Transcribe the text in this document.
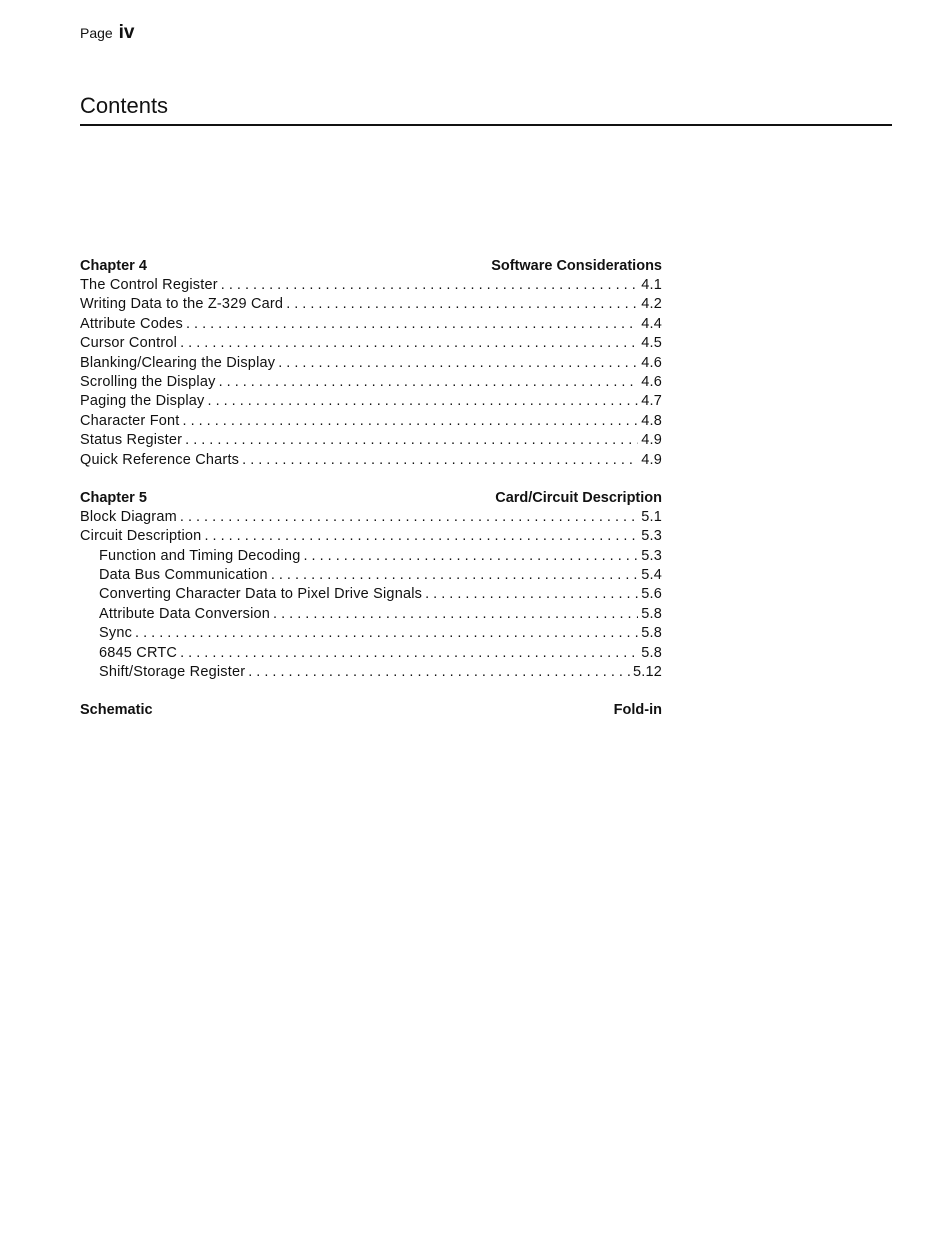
Page iv
Contents
Chapter 4	Software Considerations
The Control Register . . .	4.1
Writing Data to the Z-329 Card . . .	4.2
Attribute Codes . . .	4.4
Cursor Control . . .	4.5
Blanking/Clearing the Display . . .	4.6
Scrolling the Display . . .	4.6
Paging the Display . . .	4.7
Character Font . . .	4.8
Status Register . . .	4.9
Quick Reference Charts . . .	4.9
Chapter 5	Card/Circuit Description
Block Diagram . . .	5.1
Circuit Description . . .	5.3
Function and Timing Decoding . . .	5.3
Data Bus Communication . . .	5.4
Converting Character Data to Pixel Drive Signals . . .	5.6
Attribute Data Conversion . . .	5.8
Sync . . .	5.8
6845 CRTC . . .	5.8
Shift/Storage Register . . .	5.12
Schematic	Fold-in
